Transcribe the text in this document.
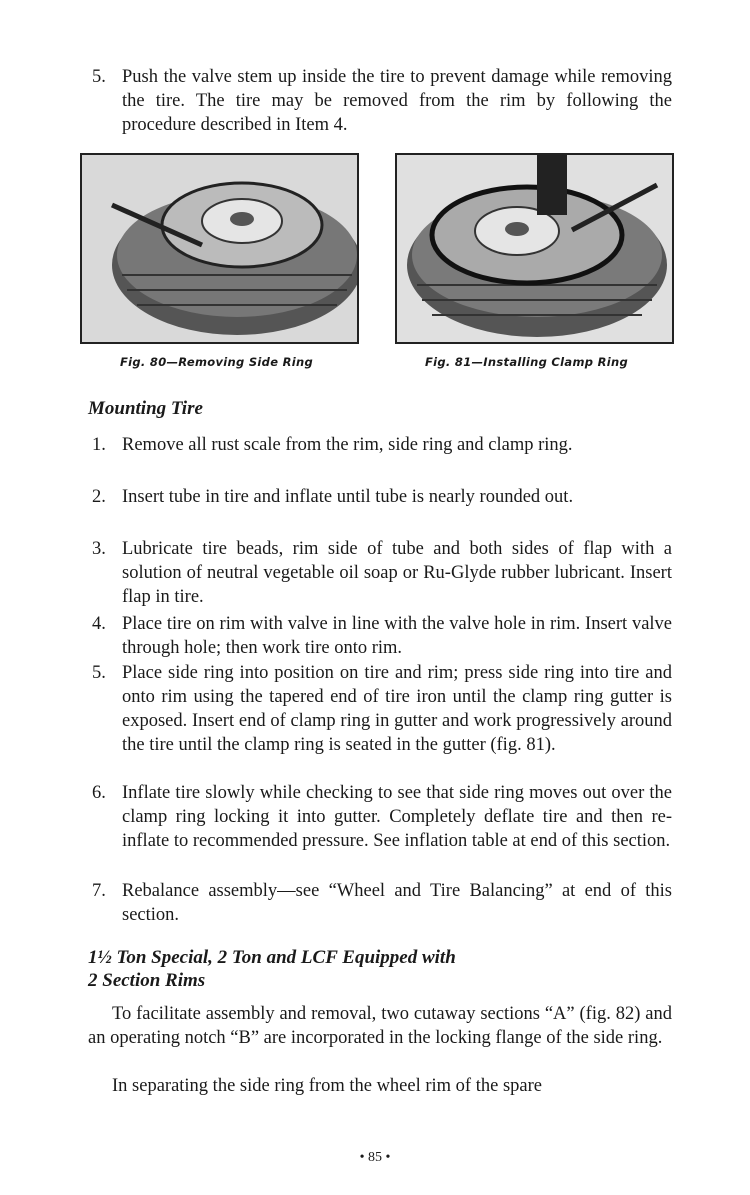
5. Push the valve stem up inside the tire to prevent damage while removing the tire. The tire may be removed from the rim by following the procedure described in Item 4.
Fig. 80—Removing Side Ring	Fig. 81—Installing Clamp Ring
Mounting Tire
1. Remove all rust scale from the rim, side ring and clamp ring.
2. Insert tube in tire and inflate until tube is nearly rounded out.
3. Lubricate tire beads, rim side of tube and both sides of flap with a solution of neutral vegetable oil soap or Ru-Glyde rubber lubricant. Insert flap in tire.
4. Place tire on rim with valve in line with the valve hole in rim. Insert valve through hole; then work tire onto rim.
5. Place side ring into position on tire and rim; press side ring into tire and onto rim using the tapered end of tire iron until the clamp ring gutter is exposed. Insert end of clamp ring in gutter and work progressively around the tire until the clamp ring is seated in the gutter (fig. 81).
6. Inflate tire slowly while checking to see that side ring moves out over the clamp ring locking it into gutter. Completely deflate tire and then re-inflate to recommended pressure. See inflation table at end of this section.
7. Rebalance assembly—see “Wheel and Tire Balancing” at end of this section.
1½ Ton Special, 2 Ton and LCF Equipped with
2 Section Rims
To facilitate assembly and removal, two cutaway sections “A” (fig. 82) and an operating notch “B” are incorporated in the locking flange of the side ring.
In separating the side ring from the wheel rim of the spare
• 85 •
